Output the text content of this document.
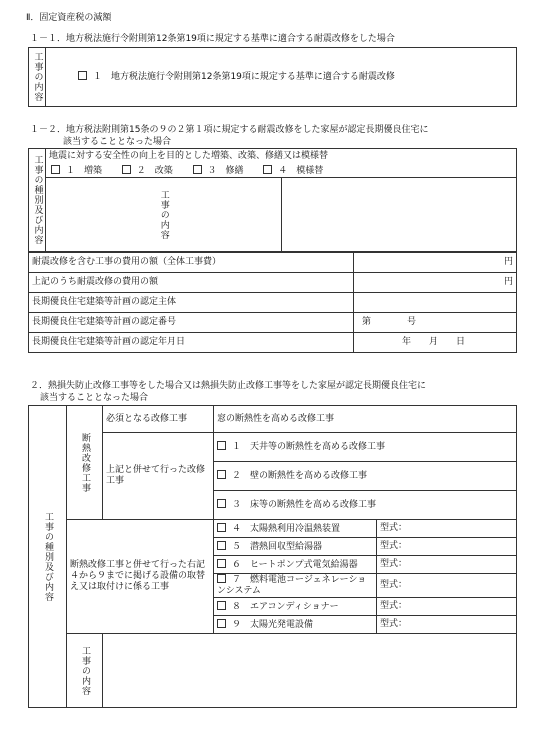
Ⅱ．固定資産税の減額
１－１．地方税法施行令附則第12条第19項に規定する基準に適合する耐震改修をした場合
工事の内容	１　地方税法施行令附則第12条第19項に規定する基準に適合する耐震改修
１－２．地方税法附則第15条の９の２第１項に規定する耐震改修をした家屋が認定長期優良住宅に
該当することとなった場合
工事の種別及び内容	地震に対する安全性の向上を目的とした増築、改築、修繕又は模様替
１　増築 ２　改築 ３　修繕 ４　模様替	

	工事の内容	
耐震改修を含む工事の費用の額（全体工事費）	円
上記のうち耐震改修の費用の額	円
長期優良住宅建築等計画の認定主体	
長期優良住宅建築等計画の認定番号	第　　　　号
長期優良住宅建築等計画の認定年月日	年　　月　　日
２．熱損失防止改修工事等をした場合又は熱損失防止改修工事等をした家屋が認定長期優良住宅に
該当することとなった場合
工事の種別及び内容	断熱改修工事	必須となる改修工事	窓の断熱性を高める改修工事	
		上記と併せて行った改修工事	１　天井等の断熱性を高める改修工事	
			２　壁の断熱性を高める改修工事	
			３　床等の断熱性を高める改修工事	
	断熱改修工事と併せて行った右記４から９までに掲げる設備の取替え又は取付けに係る工事		４　太陽熱利用冷温熱装置	型式：
			５　潜熱回収型給湯器	型式：
			６　ヒートポンプ式電気給湯器	型式：
			７　燃料電池コージェネレーションシステム	型式：
			８　エアコンディショナー	型式：
			９　太陽光発電設備	型式：
	工事の内容			
